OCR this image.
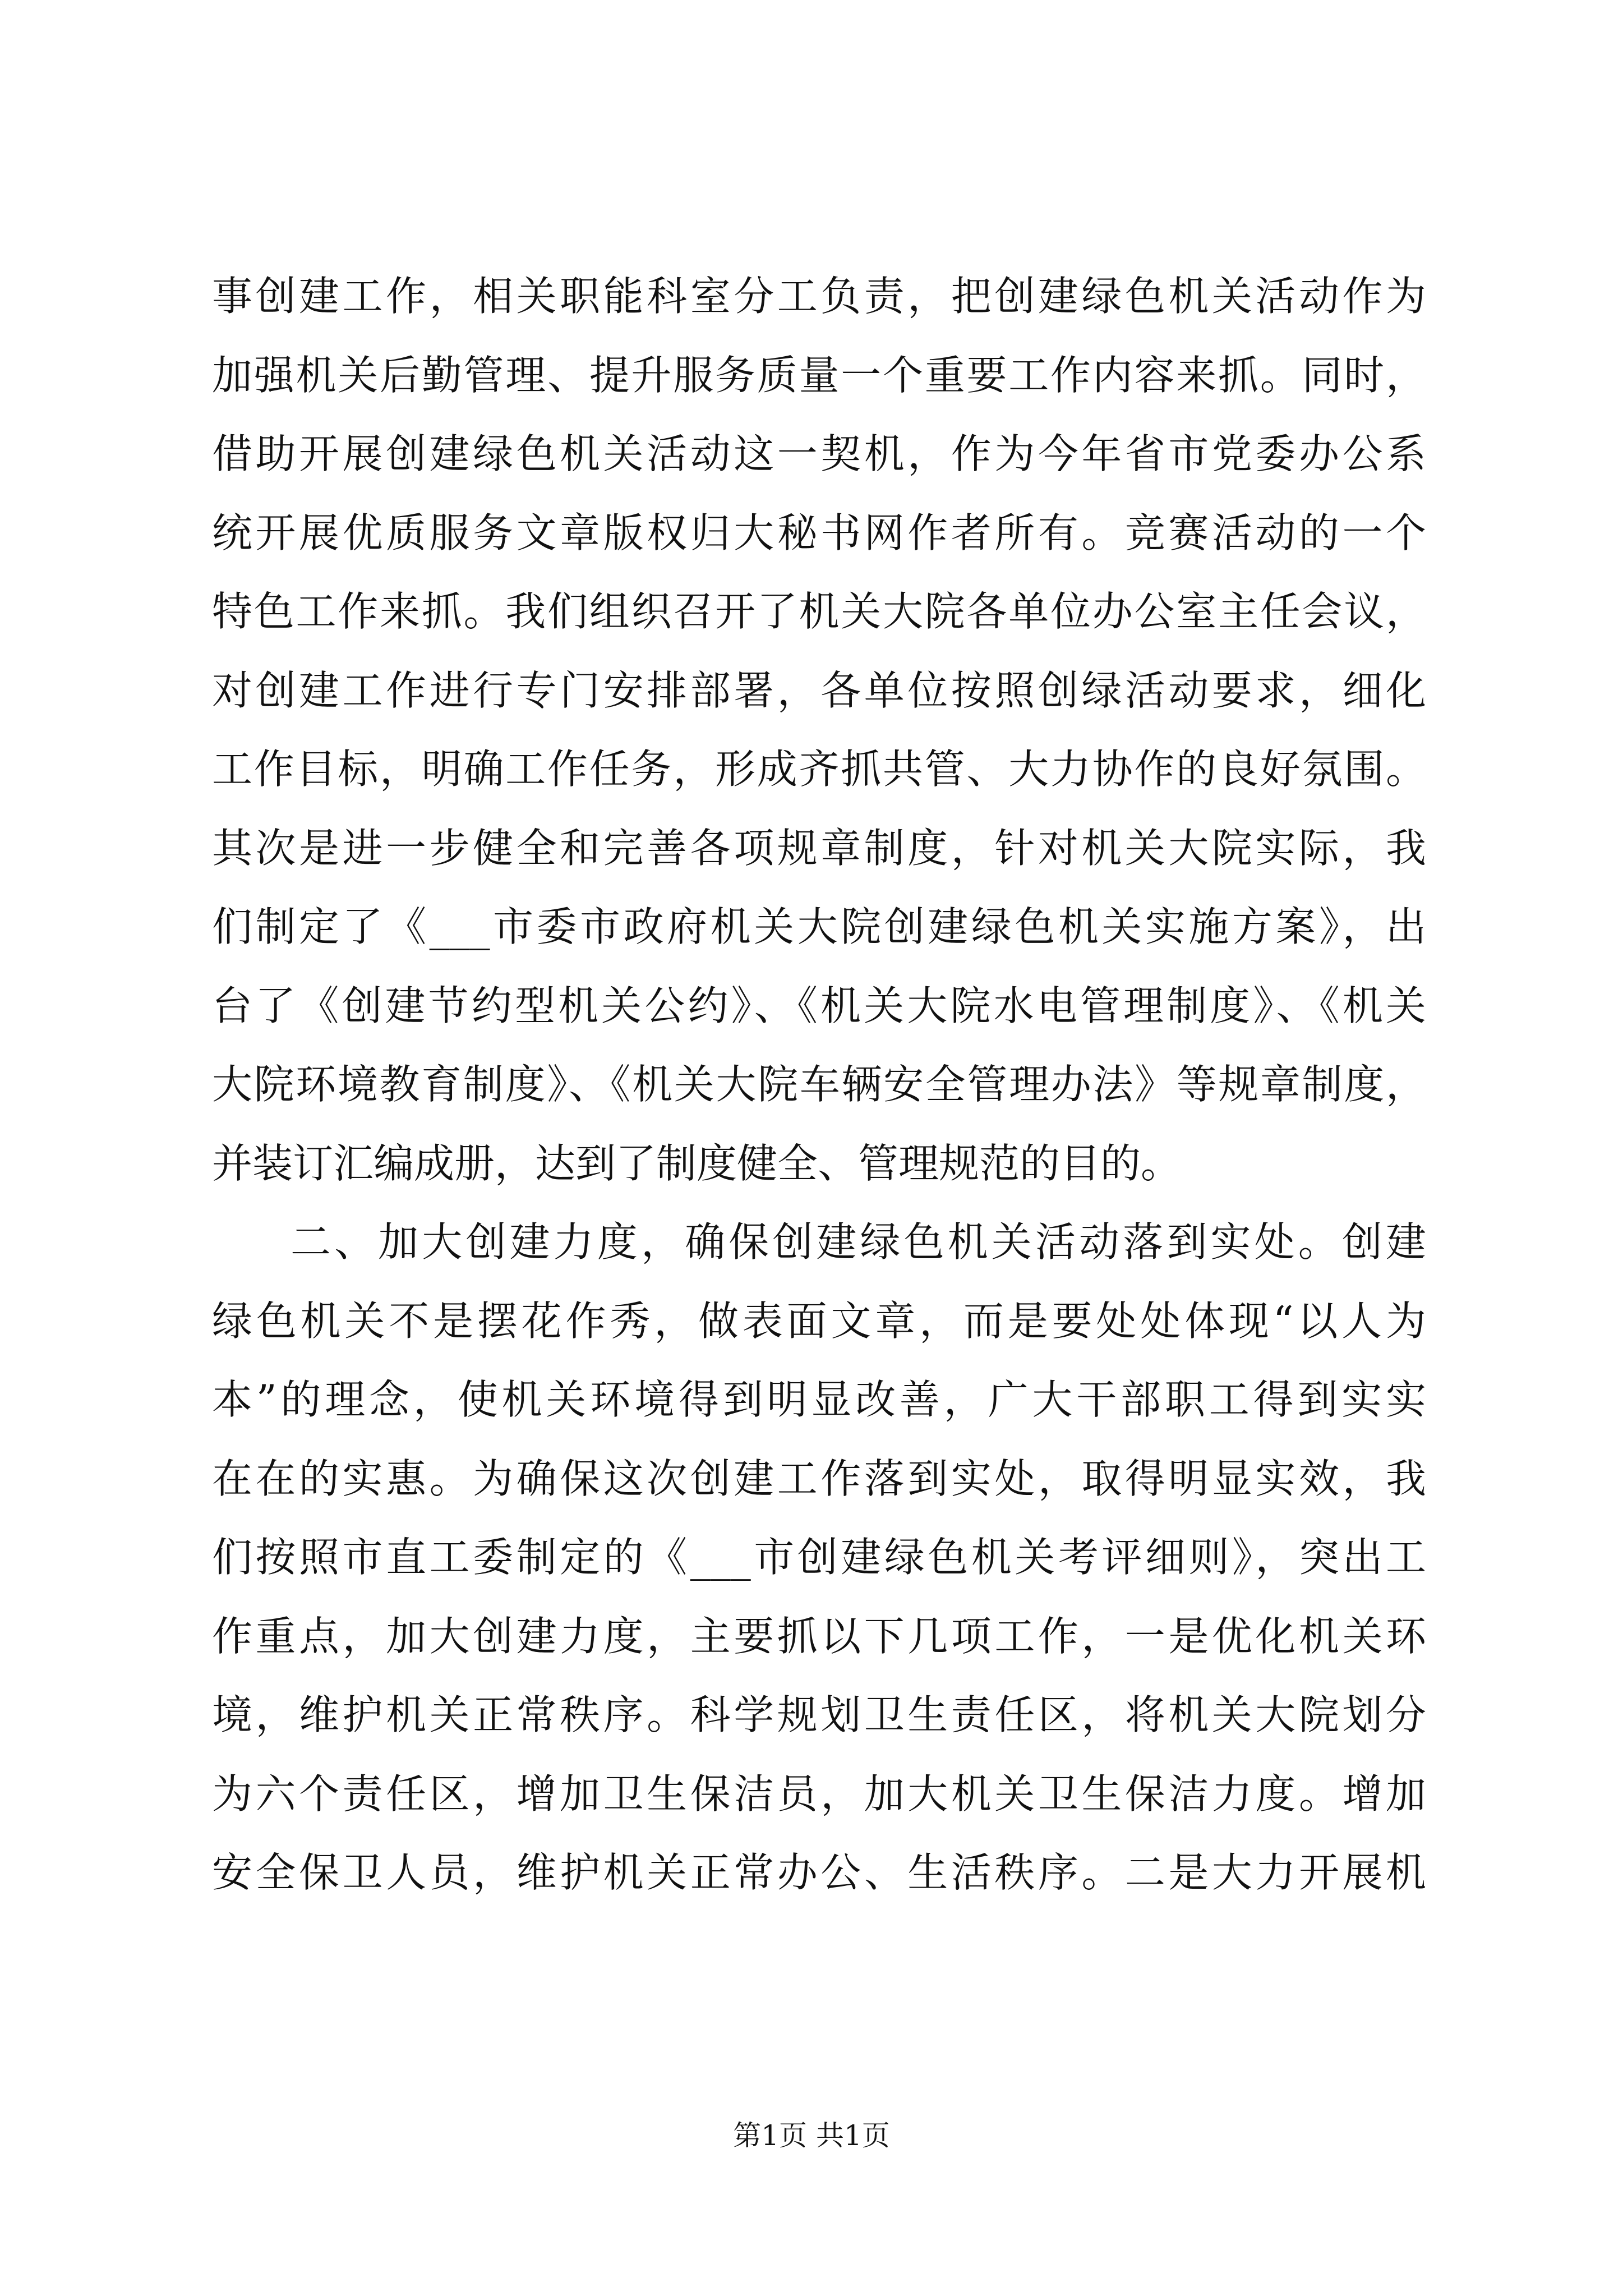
事创建工作，相关职能科室分工负责，把创建绿色机关活动作为
加强机关后勤管理、提升服务质量一个重要工作内容来抓。同时，
借助开展创建绿色机关活动这一契机，作为今年省市党委办公系
统开展优质服务文章版权归大秘书网作者所有。竞赛活动的一个
特色工作来抓。我们组织召开了机关大院各单位办公室主任会议，
对创建工作进行专门安排部署，各单位按照创绿活动要求，细化
工作目标，明确工作任务，形成齐抓共管、大力协作的良好氛围。
其次是进一步健全和完善各项规章制度，针对机关大院实际，我
们制定了《___市委市政府机关大院创建绿色机关实施方案》，出
台了《创建节约型机关公约》、《机关大院水电管理制度》、《机关
大院环境教育制度》、《机关大院车辆安全管理办法》等规章制度，
并装订汇编成册，达到了制度健全、管理规范的目的。
二、加大创建力度，确保创建绿色机关活动落到实处。创建
绿色机关不是摆花作秀，做表面文章，而是要处处体现“以人为
本”的理念，使机关环境得到明显改善，广大干部职工得到实实
在在的实惠。为确保这次创建工作落到实处，取得明显实效，我
们按照市直工委制定的《___市创建绿色机关考评细则》，突出工
作重点，加大创建力度，主要抓以下几项工作，一是优化机关环
境，维护机关正常秩序。科学规划卫生责任区，将机关大院划分
为六个责任区，增加卫生保洁员，加大机关卫生保洁力度。增加
安全保卫人员，维护机关正常办公、生活秩序。二是大力开展机
第1页 共1页
